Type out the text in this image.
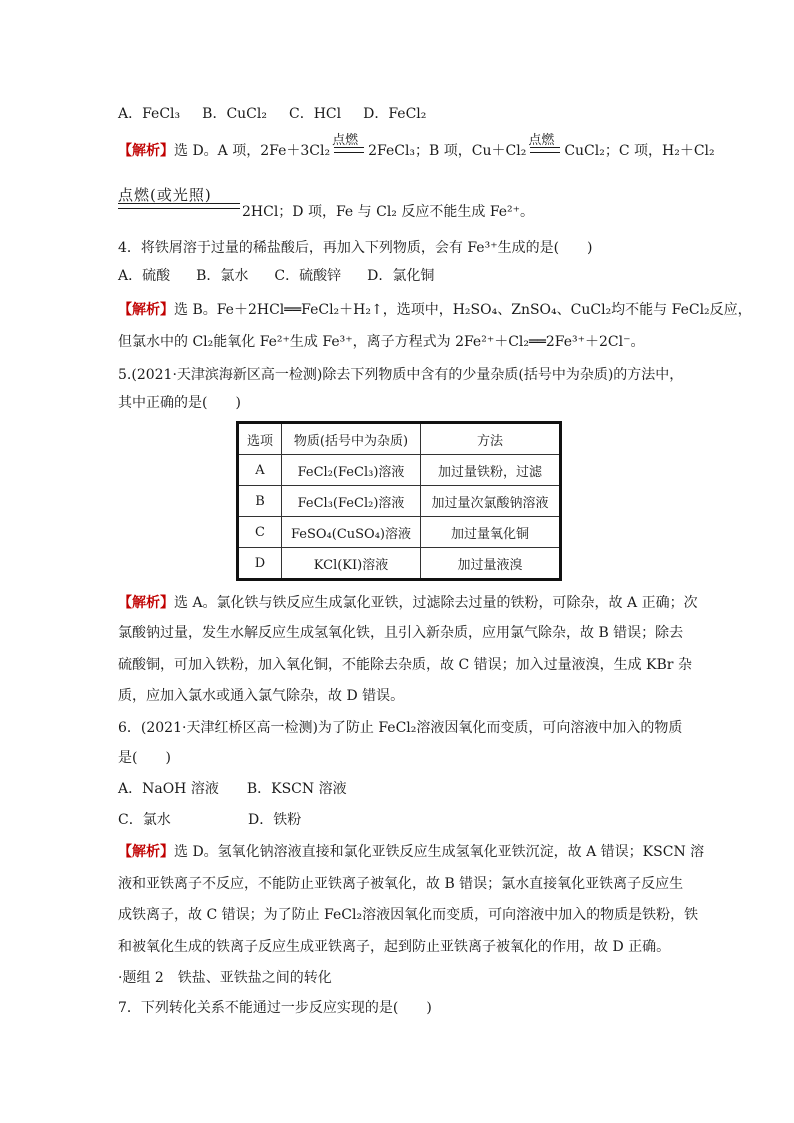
A．FeCl₃ B．CuCl₂ C．HCl D．FeCl₂
【解析】选 D。A 项，2Fe＋3Cl₂
点燃
2FeCl₃；B 项，Cu＋Cl₂
点燃
CuCl₂；C 项，H₂＋Cl₂
点燃(或光照)
2HCl；D 项，Fe 与 Cl₂ 反应不能生成 Fe²⁺。
4．将铁屑溶于过量的稀盐酸后，再加入下列物质，会有 Fe³⁺生成的是(　　)
A．硫酸 B．氯水 C．硫酸锌 D．氯化铜
【解析】选 B。Fe＋2HCl══FeCl₂＋H₂↑，选项中，H₂SO₄、ZnSO₄、CuCl₂均不能与 FeCl₂反应，
但氯水中的 Cl₂能氧化 Fe²⁺生成 Fe³⁺，离子方程式为 2Fe²⁺＋Cl₂══2Fe³⁺＋2Cl⁻。
5.(2021·天津滨海新区高一检测)除去下列物质中含有的少量杂质(括号中为杂质)的方法中，
其中正确的是(　　)
选项	物质(括号中为杂质)	方法
A	FeCl₂(FeCl₃)溶液	加过量铁粉，过滤
B	FeCl₃(FeCl₂)溶液	加过量次氯酸钠溶液
C	FeSO₄(CuSO₄)溶液	加过量氧化铜
D	KCl(KI)溶液	加过量液溴
【解析】选 A。氯化铁与铁反应生成氯化亚铁，过滤除去过量的铁粉，可除杂，故 A 正确；次
氯酸钠过量，发生水解反应生成氢氧化铁，且引入新杂质，应用氯气除杂，故 B 错误；除去
硫酸铜，可加入铁粉，加入氧化铜，不能除去杂质，故 C 错误；加入过量液溴，生成 KBr 杂
质，应加入氯水或通入氯气除杂，故 D 错误。
6．(2021·天津红桥区高一检测)为了防止 FeCl₂溶液因氧化而变质，可向溶液中加入的物质
是(　　)
A．NaOH 溶液 B．KSCN 溶液
C．氯水	D．铁粉
【解析】选 D。氢氧化钠溶液直接和氯化亚铁反应生成氢氧化亚铁沉淀，故 A 错误；KSCN 溶
液和亚铁离子不反应，不能防止亚铁离子被氧化，故 B 错误；氯水直接氧化亚铁离子反应生
成铁离子，故 C 错误；为了防止 FeCl₂溶液因氧化而变质，可向溶液中加入的物质是铁粉，铁
和被氧化生成的铁离子反应生成亚铁离子，起到防止亚铁离子被氧化的作用，故 D 正确。
·题组 2　铁盐、亚铁盐之间的转化
7．下列转化关系不能通过一步反应实现的是(　　)
